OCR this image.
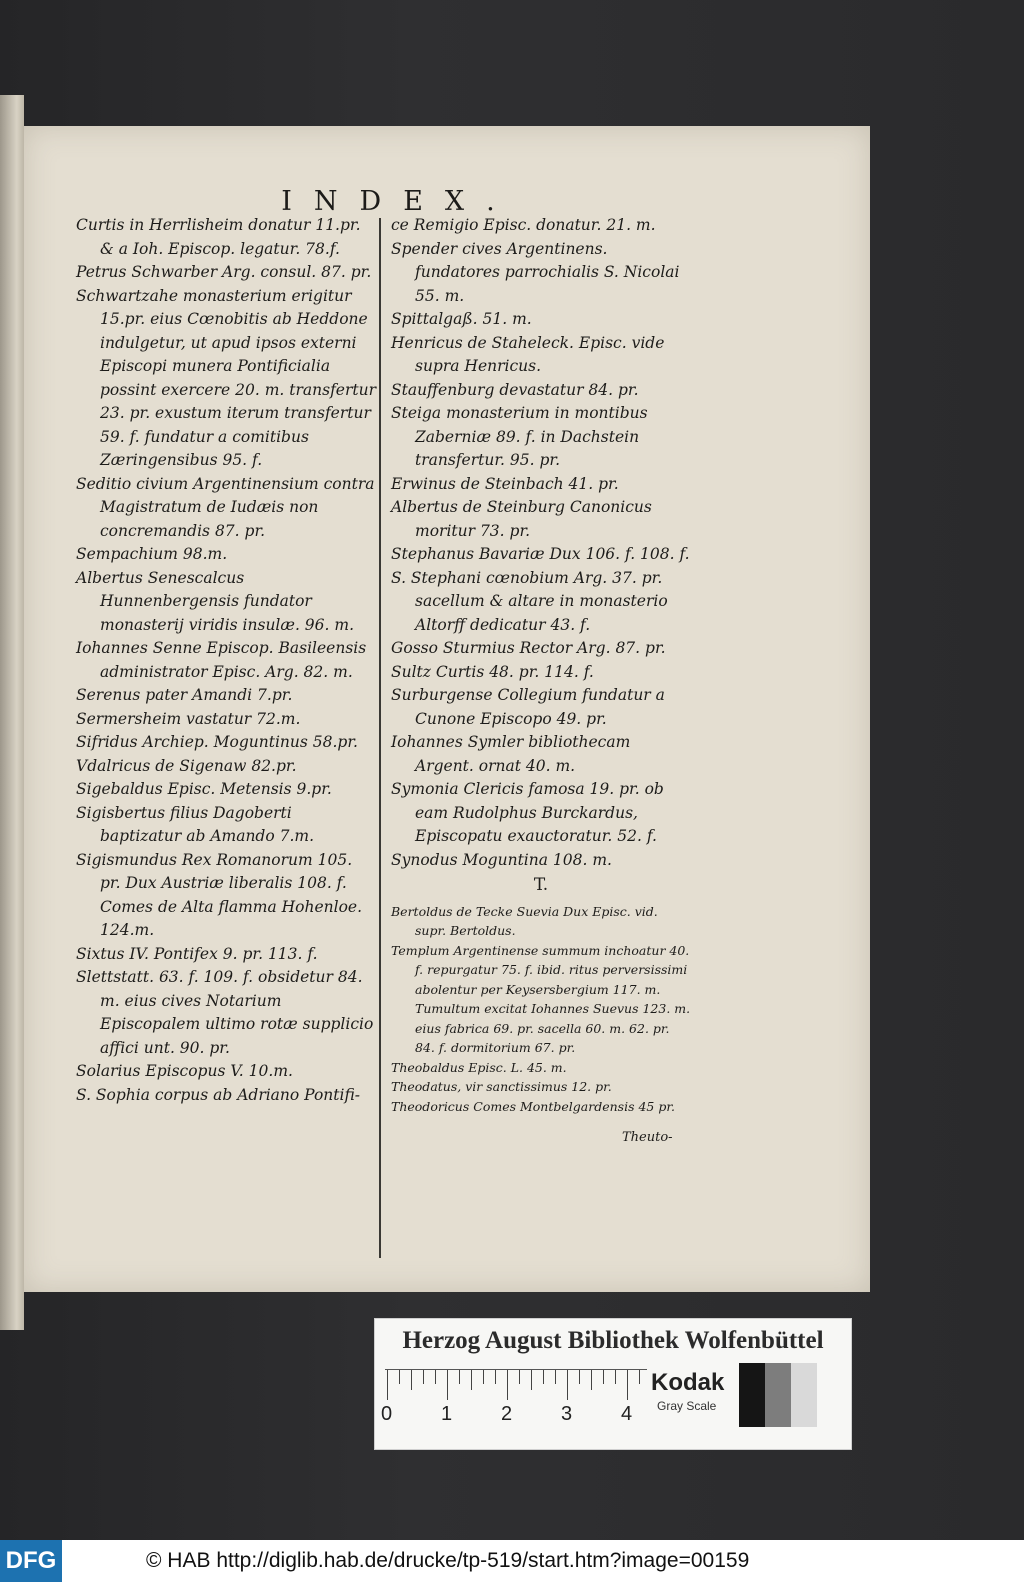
INDEX.

Curtis in Herrlisheim donatur 11.pr. & a Ioh. Episcop. legatur. 78.f.

Petrus Schwarber Arg. consul. 87. pr.

Schwartzahe monasterium erigitur 15.pr. eius Cœnobitis ab Heddone indulgetur, ut apud ipsos externi Episcopi munera Pontificialia possint exercere 20. m. transfertur 23. pr. exustum iterum transfertur 59. f. fundatur a comitibus Zæringensibus 95. f.

Seditio civium Argentinensium contra Magistratum de Iudæis non concremandis 87. pr.

Sempachium 98.m.

Albertus Senescalcus Hunnenbergensis fundator monasterij viridis insulæ. 96. m.

Iohannes Senne Episcop. Basileensis administrator Episc. Arg. 82. m.

Serenus pater Amandi 7.pr.

Sermersheim vastatur 72.m.

Sifridus Archiep. Moguntinus 58.pr.

Vdalricus de Sigenaw 82.pr.

Sigebaldus Episc. Metensis 9.pr.

Sigisbertus filius Dagoberti baptizatur ab Amando 7.m.

Sigismundus Rex Romanorum 105. pr. Dux Austriæ liberalis 108. f. Comes de Alta flamma Hohenloe. 124.m.

Sixtus IV. Pontifex 9. pr. 113. f.

Slettstatt. 63. f. 109. f. obsidetur 84. m. eius cives Notarium Episcopalem ultimo rotæ supplicio affici unt. 90. pr.

Solarius Episcopus V. 10.m.

S. Sophia corpus ab Adriano Pontifi-

ce Remigio Episc. donatur. 21. m.

Spender cives Argentinens. fundatores parrochialis S. Nicolai 55. m.

Spittalgaß. 51. m.

Henricus de Staheleck. Episc. vide supra Henricus.

Stauffenburg devastatur 84. pr.

Steiga monasterium in montibus Zaberniæ 89. f. in Dachstein transfertur. 95. pr.

Erwinus de Steinbach 41. pr.

Albertus de Steinburg Canonicus moritur 73. pr.

Stephanus Bavariæ Dux 106. f. 108. f.

S. Stephani cœnobium Arg. 37. pr. sacellum & altare in monasterio Altorff dedicatur 43. f.

Gosso Sturmius Rector Arg. 87. pr.

Sultz Curtis 48. pr. 114. f.

Surburgense Collegium fundatur a Cunone Episcopo 49. pr.

Iohannes Symler bibliothecam Argent. ornat 40. m.

Symonia Clericis famosa 19. pr. ob eam Rudolphus Burckardus, Episcopatu exauctoratur. 52. f.

Synodus Moguntina 108. m.

T.

Bertoldus de Tecke Suevia Dux Episc. vid. supr. Bertoldus.

Templum Argentinense summum inchoatur 40. f. repurgatur 75. f. ibid. ritus perversissimi abolentur per Keysersbergium 117. m. Tumultum excitat Iohannes Suevus 123. m. eius fabrica 69. pr. sacella 60. m. 62. pr. 84. f. dormitorium 67. pr.

Theobaldus Episc. L. 45. m.

Theodatus, vir sanctissimus 12. pr.

Theodoricus Comes Montbelgardensis 45 pr.

Theuto-
Herzog August Bibliothek Wolfenbüttel
0 1 2 3 4
Kodak
Gray Scale
DFG	© HAB http://diglib.hab.de/drucke/tp-519/start.htm?image=00159
